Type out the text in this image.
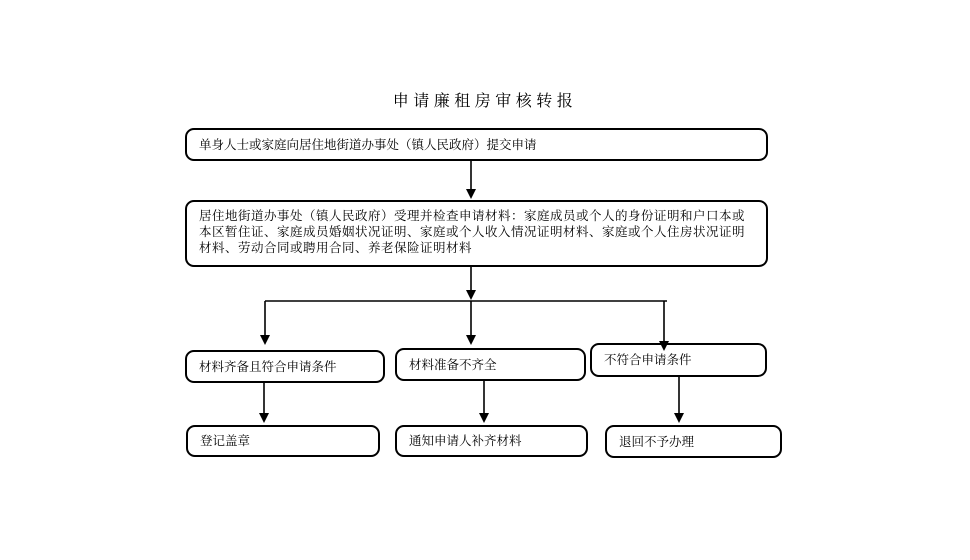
申请廉租房审核转报
单身人士或家庭向居住地街道办事处（镇人民政府）提交申请
居住地街道办事处（镇人民政府）受理并检查申请材料：家庭成员或个人的身份证明和户口本或本区暂住证、家庭成员婚姻状况证明、家庭或个人收入情况证明材料、家庭或个人住房状况证明材料、劳动合同或聘用合同、养老保险证明材料
材料齐备且符合申请条件	材料准备不齐全	不符合申请条件
登记盖章	通知申请人补齐材料	退回不予办理
